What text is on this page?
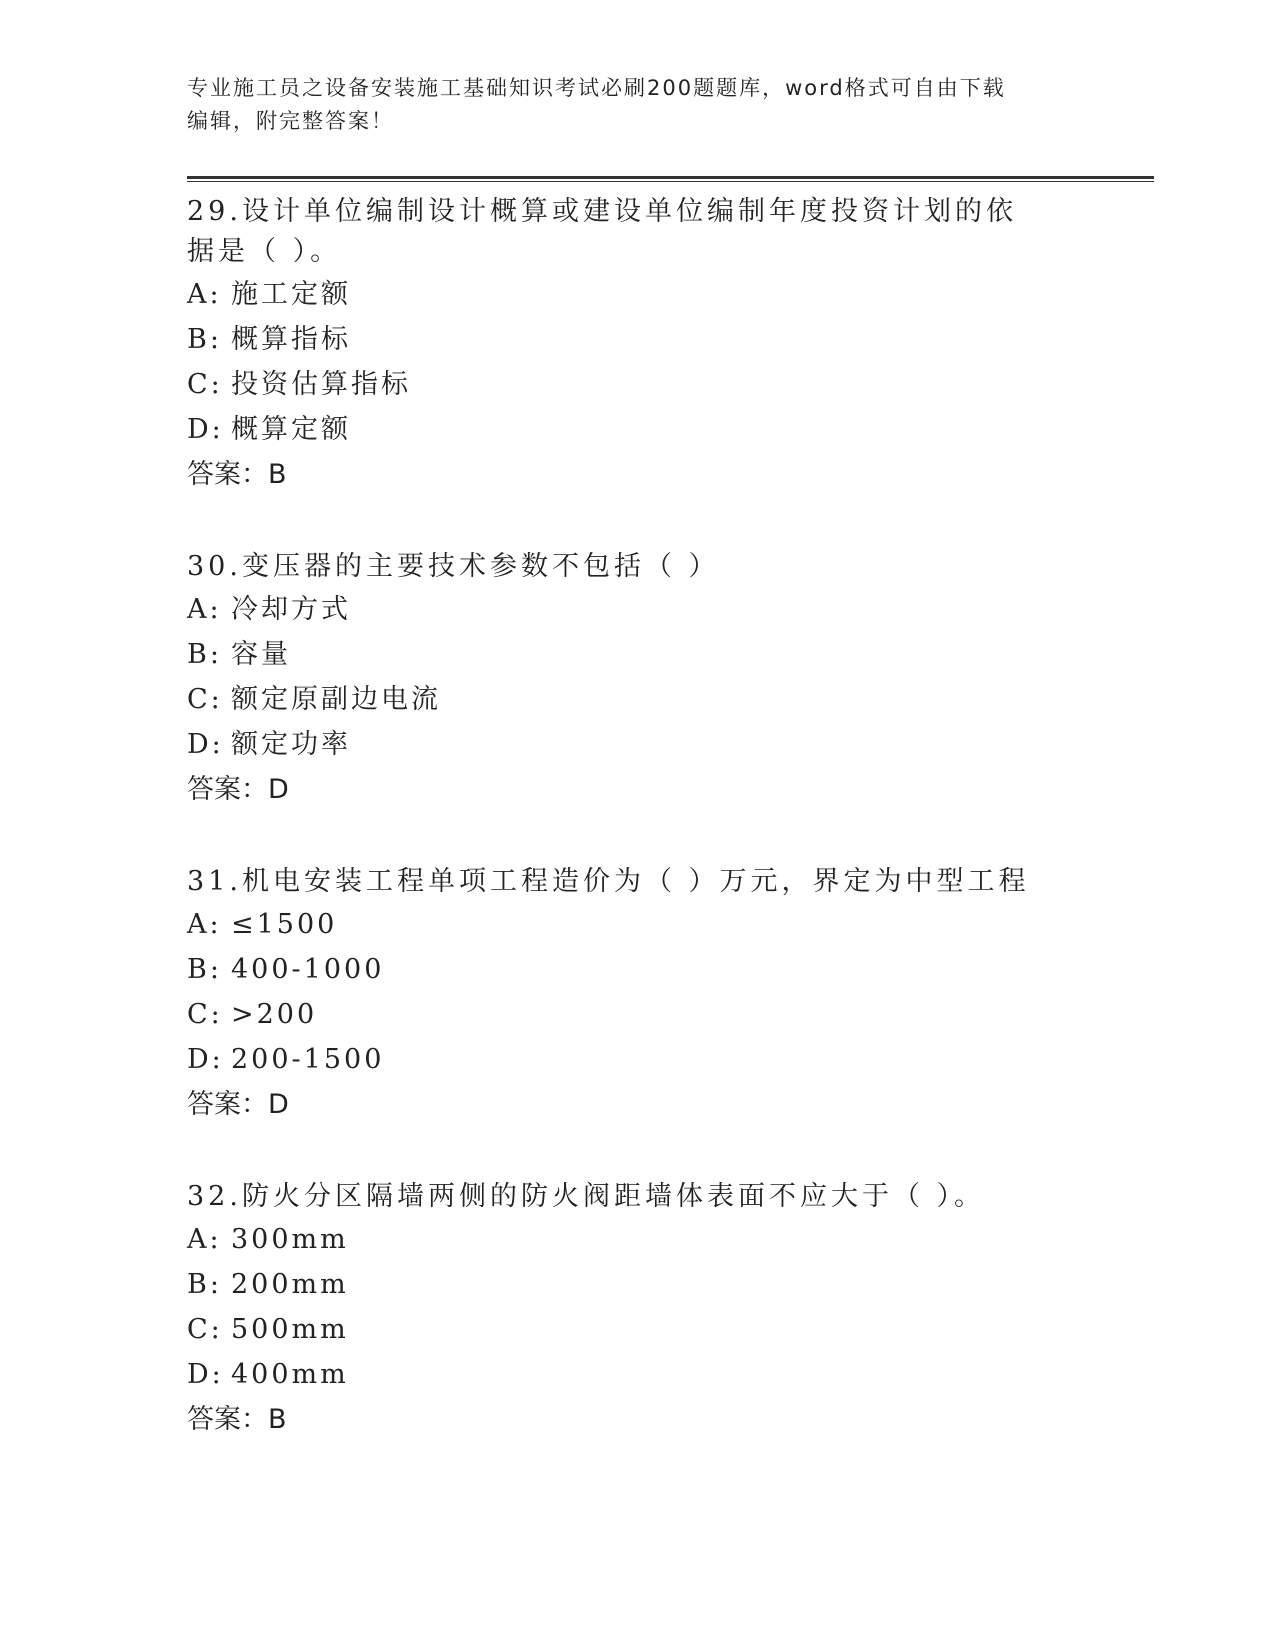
专业施工员之设备安装施工基础知识考试必刷200题题库，word格式可自由下载
编辑，附完整答案！
29.设计单位编制设计概算或建设单位编制年度投资计划的依据是（ ）。
A: 施工定额
B: 概算指标
C: 投资估算指标
D: 概算定额
答案：B
30.变压器的主要技术参数不包括（ ）
A: 冷却方式
B: 容量
C: 额定原副边电流
D: 额定功率
答案：D
31.机电安装工程单项工程造价为（ ）万元，界定为中型工程
A: ≤1500
B: 400-1000
C: >200
D: 200-1500
答案：D
32.防火分区隔墙两侧的防火阀距墙体表面不应大于（ ）。
A: 300mm
B: 200mm
C: 500mm
D: 400mm
答案：B
